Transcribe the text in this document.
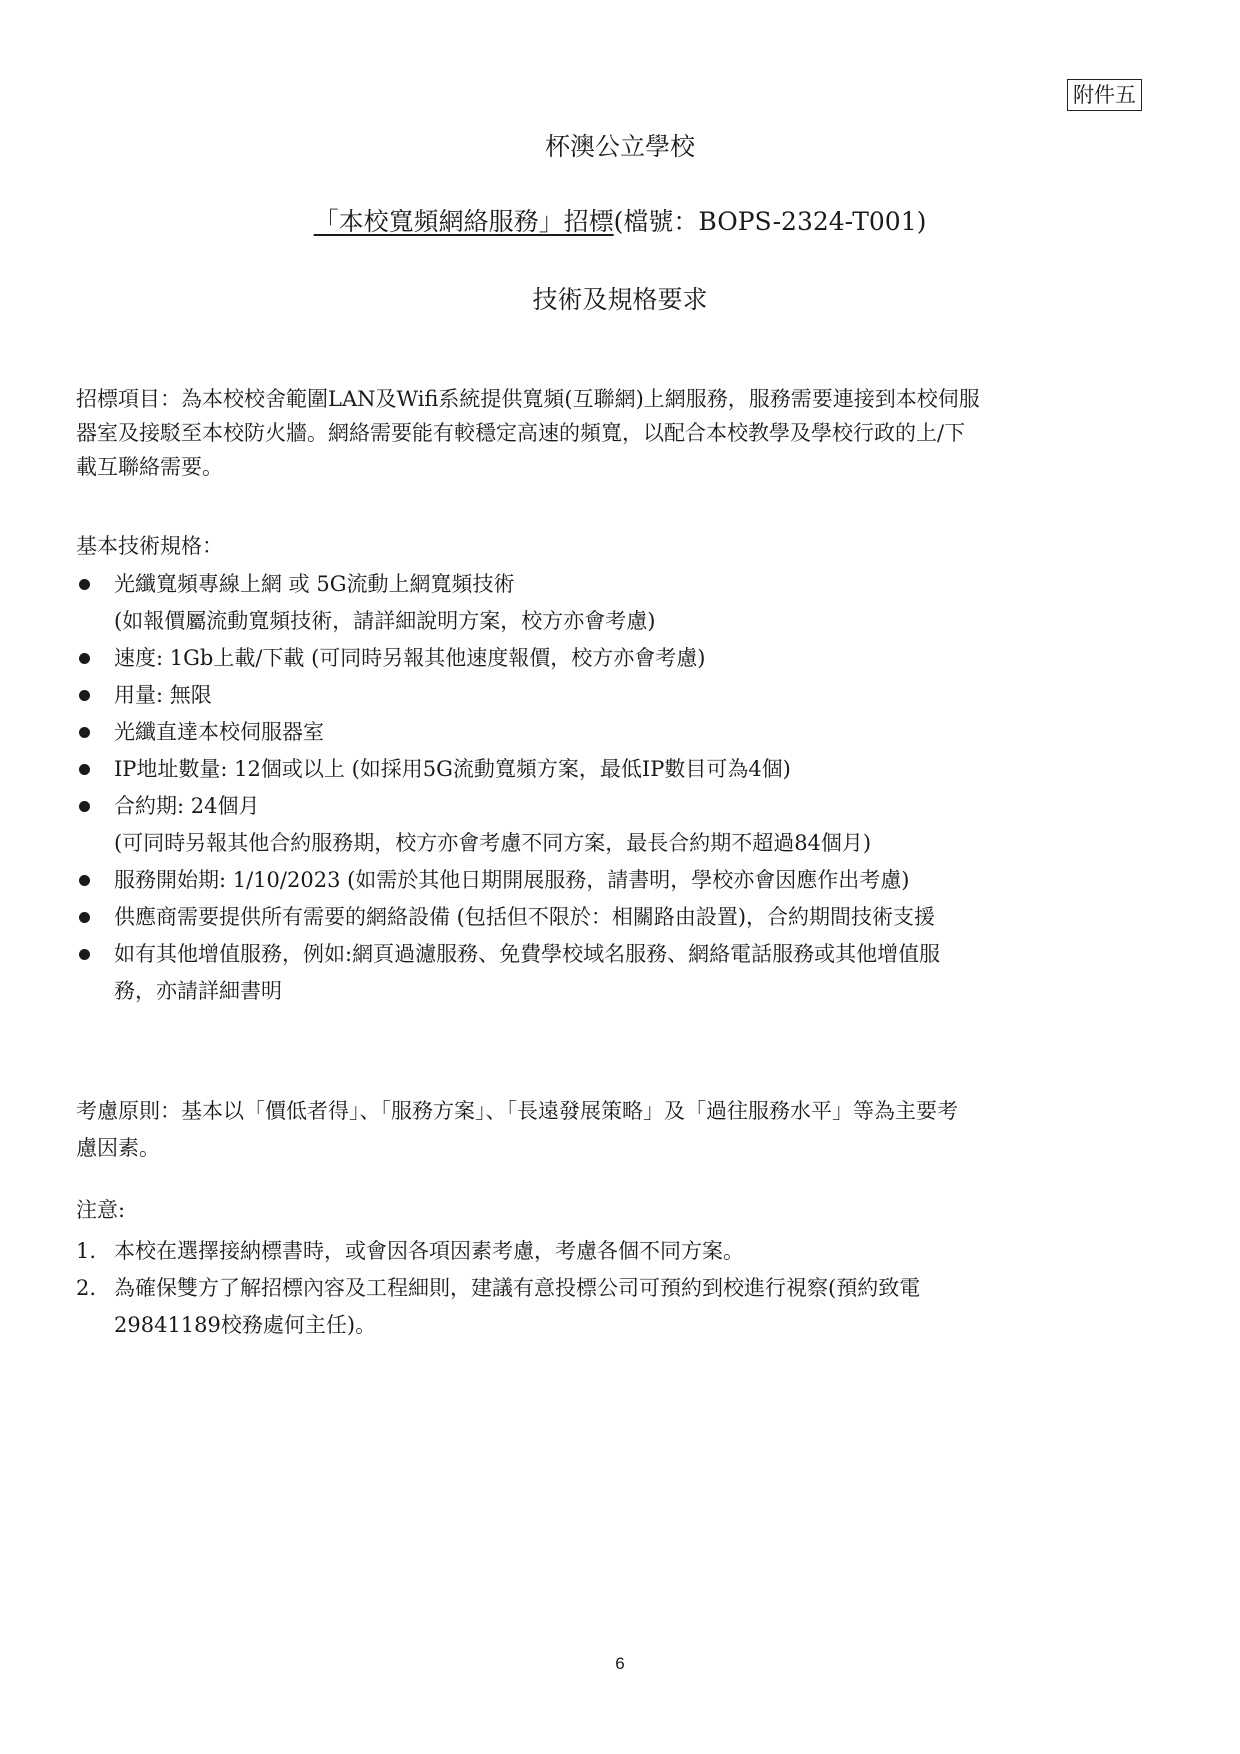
附件五
杯澳公立學校
「本校寬頻網絡服務」招標(檔號：BOPS-2324-T001)
技術及規格要求
招標項目：為本校校舍範圍LAN及Wifi系統提供寬頻(互聯網)上網服務，服務需要連接到本校伺服
器室及接駁至本校防火牆。網絡需要能有較穩定高速的頻寬，以配合本校教學及學校行政的上/下
載互聯絡需要。
基本技術規格：
光纖寬頻專線上網 或 5G流動上網寬頻技術
(如報價屬流動寬頻技術，請詳細說明方案，校方亦會考慮)
速度: 1Gb上載/下載 (可同時另報其他速度報價，校方亦會考慮)
用量: 無限
光纖直達本校伺服器室
IP地址數量: 12個或以上 (如採用5G流動寬頻方案，最低IP數目可為4個)
合約期: 24個月
(可同時另報其他合約服務期，校方亦會考慮不同方案，最長合約期不超過84個月)
服務開始期: 1/10/2023 (如需於其他日期開展服務，請書明，學校亦會因應作出考慮)
供應商需要提供所有需要的網絡設備 (包括但不限於：相關路由設置)，合約期間技術支援
如有其他增值服務，例如:網頁過濾服務、免費學校域名服務、網絡電話服務或其他增值服
務，亦請詳細書明
考慮原則：基本以「價低者得」、「服務方案」、「長遠發展策略」及「過往服務水平」等為主要考
慮因素。
注意:
1. 本校在選擇接納標書時，或會因各項因素考慮，考慮各個不同方案。
2. 為確保雙方了解招標內容及工程細則，建議有意投標公司可預約到校進行視察(預約致電
29841189校務處何主任)。
6
